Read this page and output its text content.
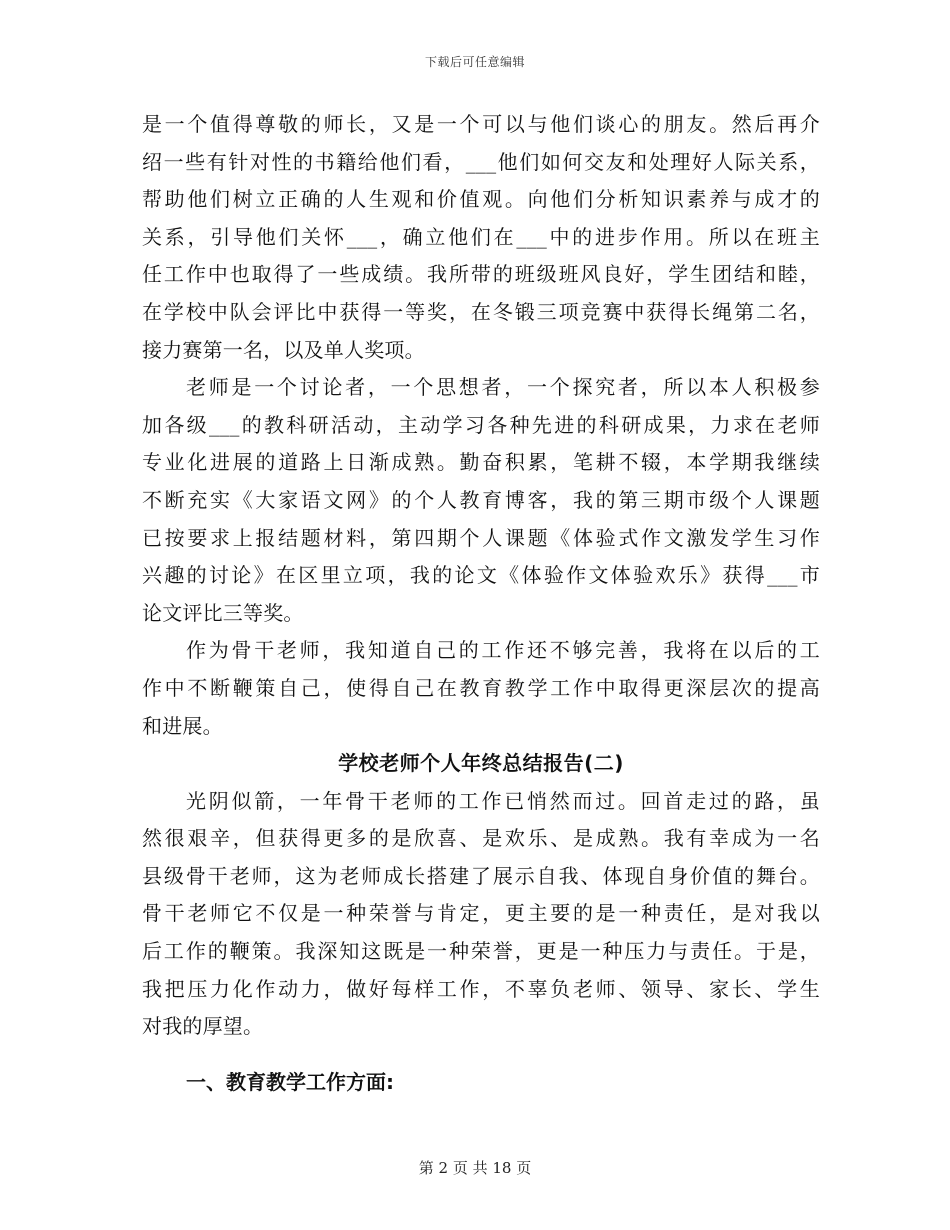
下载后可任意编辑
是一个值得尊敬的师长，又是一个可以与他们谈心的朋友。然后再介
绍一些有针对性的书籍给他们看，___他们如何交友和处理好人际关系，
帮助他们树立正确的人生观和价值观。向他们分析知识素养与成才的
关系，引导他们关怀___，确立他们在___中的进步作用。所以在班主
任工作中也取得了一些成绩。我所带的班级班风良好，学生团结和睦，
在学校中队会评比中获得一等奖，在冬锻三项竞赛中获得长绳第二名，
接力赛第一名，以及单人奖项。
老师是一个讨论者，一个思想者，一个探究者，所以本人积极参
加各级___的教科研活动，主动学习各种先进的科研成果，力求在老师
专业化进展的道路上日渐成熟。勤奋积累，笔耕不辍，本学期我继续
不断充实《大家语文网》的个人教育博客，我的第三期市级个人课题
已按要求上报结题材料，第四期个人课题《体验式作文激发学生习作
兴趣的讨论》在区里立项，我的论文《体验作文体验欢乐》获得___市
论文评比三等奖。
作为骨干老师，我知道自己的工作还不够完善，我将在以后的工
作中不断鞭策自己，使得自己在教育教学工作中取得更深层次的提高
和进展。
学校老师个人年终总结报告(二)
光阴似箭，一年骨干老师的工作已悄然而过。回首走过的路，虽
然很艰辛，但获得更多的是欣喜、是欢乐、是成熟。我有幸成为一名
县级骨干老师，这为老师成长搭建了展示自我、体现自身价值的舞台。
骨干老师它不仅是一种荣誉与肯定，更主要的是一种责任，是对我以
后工作的鞭策。我深知这既是一种荣誉，更是一种压力与责任。于是，
我把压力化作动力，做好每样工作，不辜负老师、领导、家长、学生
对我的厚望。
一、教育教学工作方面:
第 2 页 共 18 页
